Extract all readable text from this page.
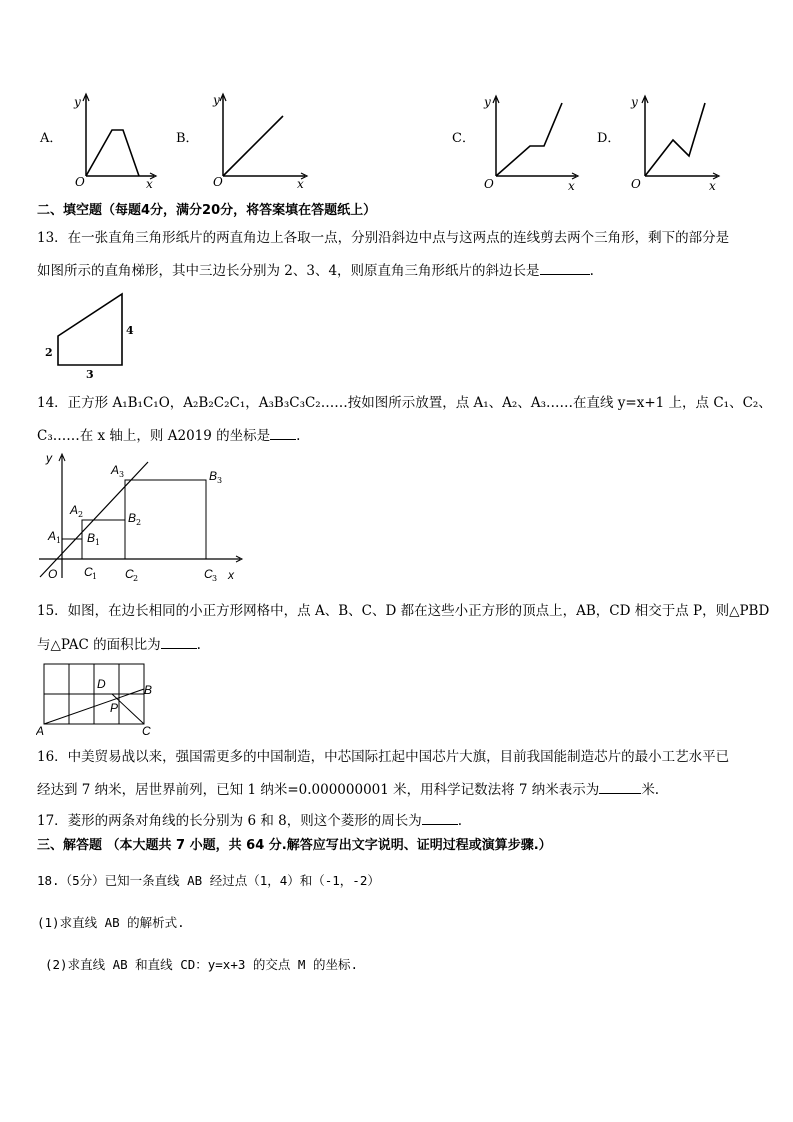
A．
y
O	x
B．
y
O	x
C．
y
O	x
D．
y
O	x
二、填空题（每题4分，满分20分，将答案填在答题纸上）
13．在一张直角三角形纸片的两直角边上各取一点，分别沿斜边中点与这两点的连线剪去两个三角形，剩下的部分是
如图所示的直角梯形，其中三边长分别为 2、3、4，则原直角三角形纸片的斜边长是	.
2
4
3
14．正方形 A₁B₁C₁O，A₂B₂C₂C₁，A₃B₃C₃C₂……按如图所示放置，点 A₁、A₂、A₃……在直线 y=x+1 上，点 C₁、C₂、
C₃……在 x 轴上，则 A2019 的坐标是 .
y
O	x
A 1
A 2
A 3
B 1
B 2
B 3
C 1 C 2	C 3
15．如图，在边长相同的小正方形网格中，点 A、B、C、D 都在这些小正方形的顶点上，AB，CD 相交于点 P，则△PBD
与△PAC 的面积比为	.
A
B
C
D
P
16．中美贸易战以来，强国需更多的中国制造，中芯国际扛起中国芯片大旗，目前我国能制造芯片的最小工艺水平已
经达到 7 纳米，居世界前列，已知 1 纳米=0.000000001 米，用科学记数法将 7 纳米表示为	米.
17．菱形的两条对角线的长分别为 6 和 8，则这个菱形的周长为	.
三、解答题 （本大题共 7 小题，共 64 分.解答应写出文字说明、证明过程或演算步骤.）
18.（5分）已知一条直线 AB 经过点（1，4）和（-1，-2）
(1)求直线 AB 的解析式.
(2)求直线 AB 和直线 CD：y=x+3 的交点 M 的坐标.
